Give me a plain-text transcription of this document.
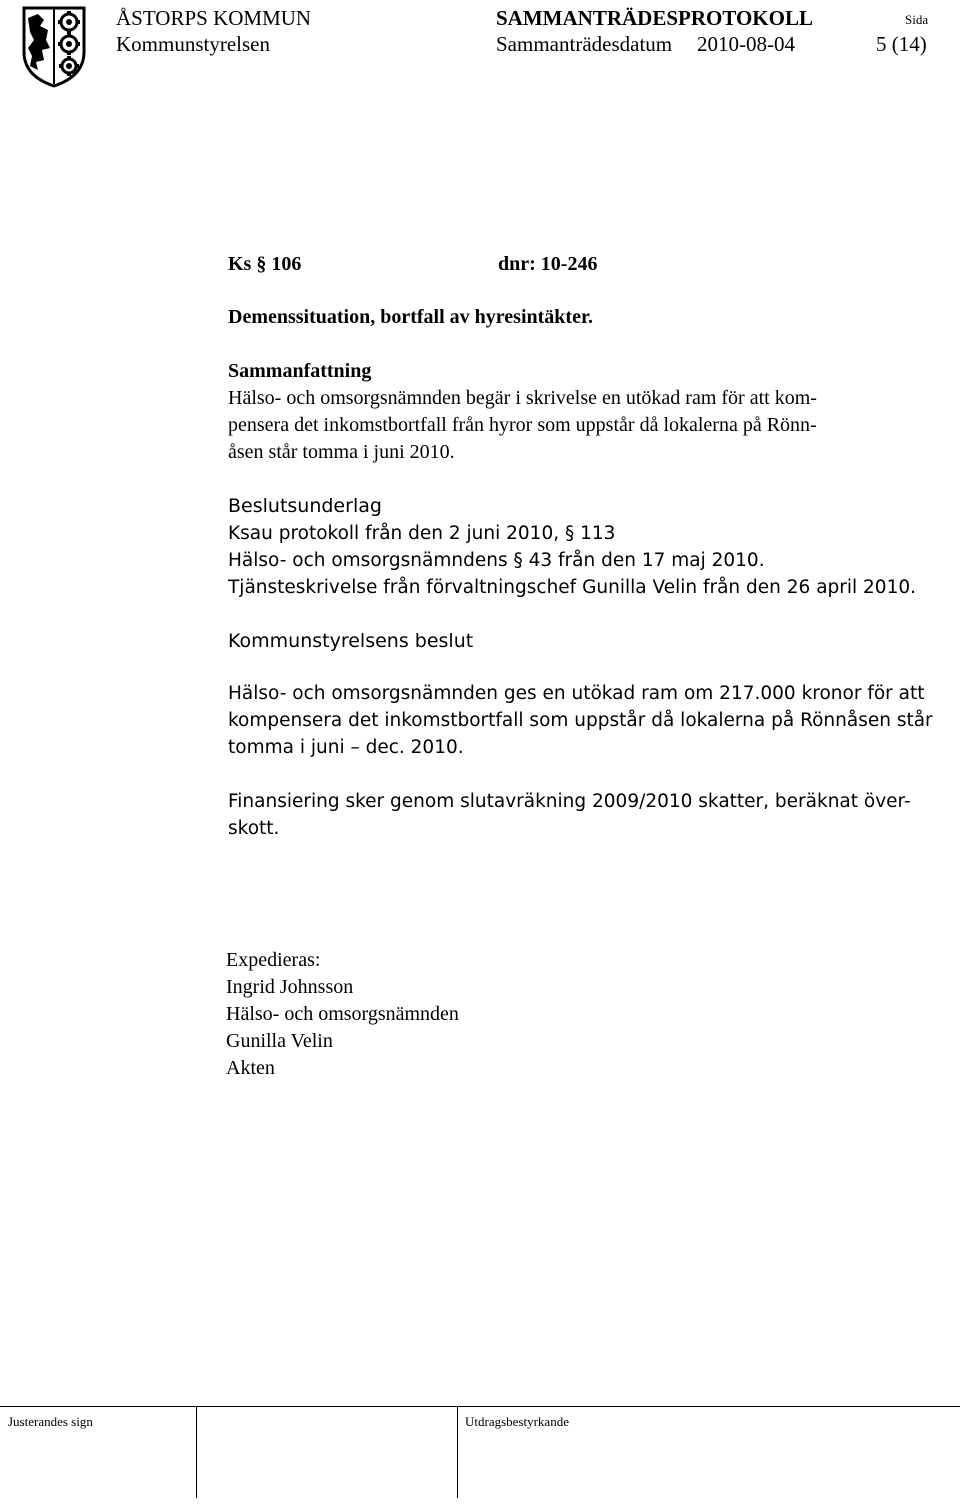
ÅSTORPS KOMMUN
Kommunstyrelsen
SAMMANTRÄDESPROTOKOLL	Sida
Sammanträdesdatum 2010-08-04	5 (14)
Ks § 106	dnr: 10-246
Demenssituation, bortfall av hyresintäkter.
Sammanfattning
Hälso- och omsorgsnämnden begär i skrivelse en utökad ram för att kom-
pensera det inkomstbortfall från hyror som uppstår då lokalerna på Rönn-
åsen står tomma i juni 2010.
Beslutsunderlag
Ksau protokoll från den 2 juni 2010, § 113
Hälso- och omsorgsnämndens § 43 från den 17 maj 2010.
Tjänsteskrivelse från förvaltningschef Gunilla Velin från den 26 april 2010.
Kommunstyrelsens beslut
Hälso- och omsorgsnämnden ges en utökad ram om 217.000 kronor för att
kompensera det inkomstbortfall som uppstår då lokalerna på Rönnåsen står
tomma i juni – dec. 2010.
Finansiering sker genom slutavräkning 2009/2010 skatter, beräknat över-
skott.
Expedieras:
Ingrid Johnsson
Hälso- och omsorgsnämnden
Gunilla Velin
Akten
Justerandes sign	Utdragsbestyrkande
